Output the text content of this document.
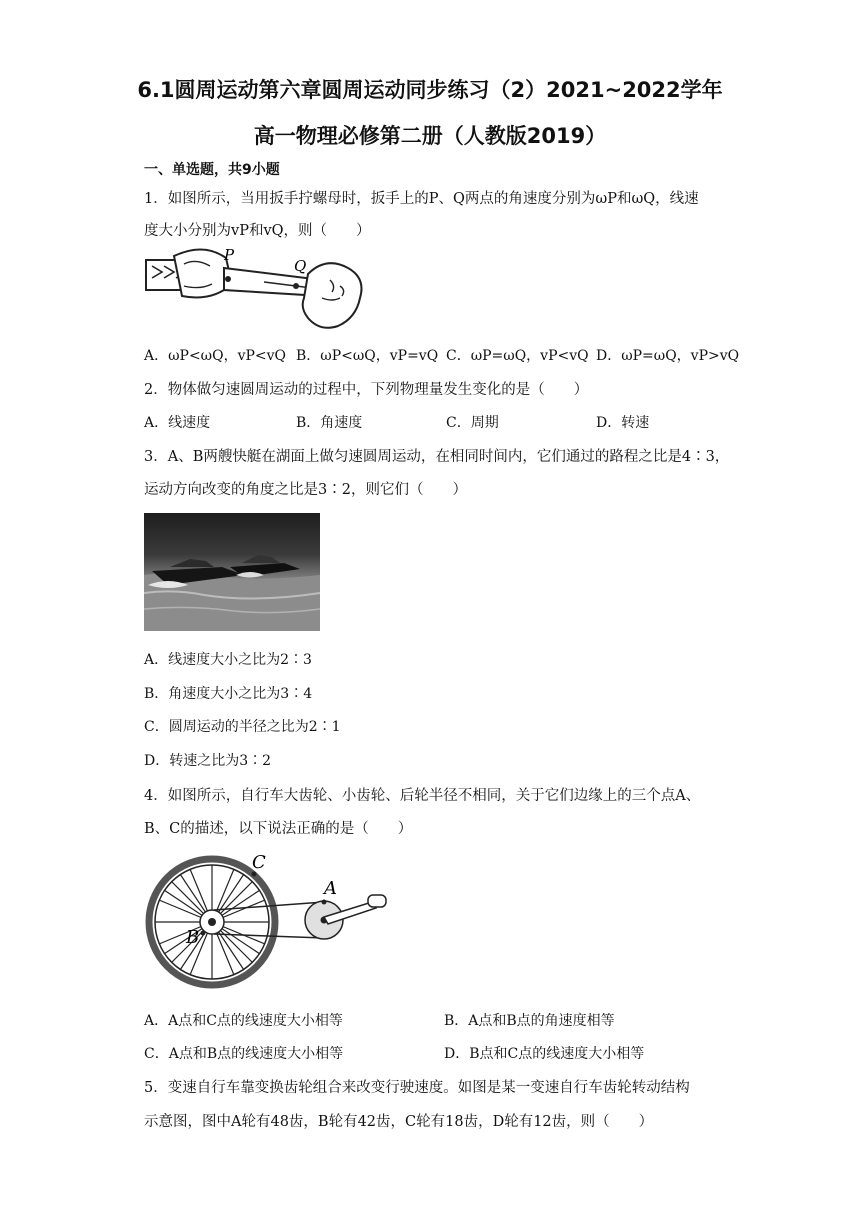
6.1圆周运动第六章圆周运动同步练习（2）2021~2022学年
高一物理必修第二册（人教版2019）
一、单选题，共9小题
1．如图所示，当用扳手拧螺母时，扳手上的P、Q两点的角速度分别为ωP和ωQ，线速
度大小分别为vP和vQ，则（　　）
P
Q
A．ωP<ωQ，vP<vQ B．ωP<ωQ，vP=vQ C．ωP=ωQ，vP<vQ D．ωP=ωQ，vP>vQ
2．物体做匀速圆周运动的过程中，下列物理量发生变化的是（　　）
A．线速度	B．角速度	C．周期	D．转速
3．A、B两艘快艇在湖面上做匀速圆周运动，在相同时间内，它们通过的路程之比是4∶3，
运动方向改变的角度之比是3∶2，则它们（　　）
A．线速度大小之比为2∶3
B．角速度大小之比为3∶4
C．圆周运动的半径之比为2∶1
D．转速之比为3∶2
4．如图所示，自行车大齿轮、小齿轮、后轮半径不相同，关于它们边缘上的三个点A、
B、C的描述，以下说法正确的是（　　）
C
A
B
A．A点和C点的线速度大小相等	B．A点和B点的角速度相等
C．A点和B点的线速度大小相等	D．B点和C点的线速度大小相等
5．变速自行车靠变换齿轮组合来改变行驶速度。如图是某一变速自行车齿轮转动结构
示意图，图中A轮有48齿，B轮有42齿，C轮有18齿，D轮有12齿，则（　　）
